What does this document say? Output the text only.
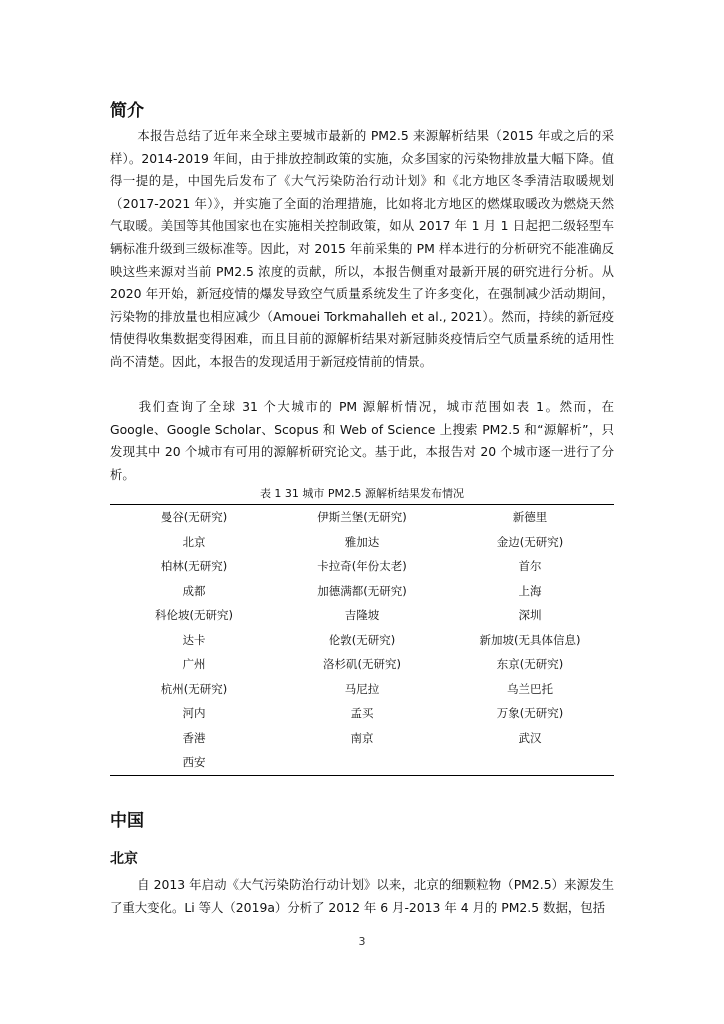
简介

本报告总结了近年来全球主要城市最新的 PM2.5 来源解析结果（2015 年或之后的采样）。2014-2019 年间，由于排放控制政策的实施，众多国家的污染物排放量大幅下降。值得一提的是，中国先后发布了《大气污染防治行动计划》和《北方地区冬季清洁取暖规划（2017-2021 年）》，并实施了全面的治理措施，比如将北方地区的燃煤取暖改为燃烧天然气取暖。美国等其他国家也在实施相关控制政策，如从 2017 年 1 月 1 日起把二级轻型车辆标准升级到三级标准等。因此，对 2015 年前采集的 PM 样本进行的分析研究不能准确反映这些来源对当前 PM2.5 浓度的贡献，所以，本报告侧重对最新开展的研究进行分析。从 2020 年开始，新冠疫情的爆发导致空气质量系统发生了许多变化，在强制减少活动期间，污染物的排放量也相应减少（Amouei Torkmahalleh et al., 2021）。然而，持续的新冠疫情使得收集数据变得困难，而且目前的源解析结果对新冠肺炎疫情后空气质量系统的适用性尚不清楚。因此，本报告的发现适用于新冠疫情前的情景。

我们查询了全球 31 个大城市的 PM 源解析情况，城市范围如表 1。然而，在 Google、Google Scholar、Scopus 和 Web of Science 上搜索 PM2.5 和“源解析”，只发现其中 20 个城市有可用的源解析研究论文。基于此，本报告对 20 个城市逐一进行了分析。

表 1 31 城市 PM2.5 源解析结果发布情况
曼谷(无研究)	伊斯兰堡(无研究)	新德里
北京	雅加达	金边(无研究)
柏林(无研究)	卡拉奇(年份太老)	首尔
成都	加德满都(无研究)	上海
科伦坡(无研究)	吉隆坡	深圳
达卡	伦敦(无研究)	新加坡(无具体信息)
广州	洛杉矶(无研究)	东京(无研究)
杭州(无研究)	马尼拉	乌兰巴托
河内	孟买	万象(无研究)
香港	南京	武汉
西安		
中国
北京

自 2013 年启动《大气污染防治行动计划》以来，北京的细颗粒物（PM2.5）来源发生了重大变化。Li 等人（2019a）分析了 2012 年 6 月-2013 年 4 月的 PM2.5 数据，包括

3
